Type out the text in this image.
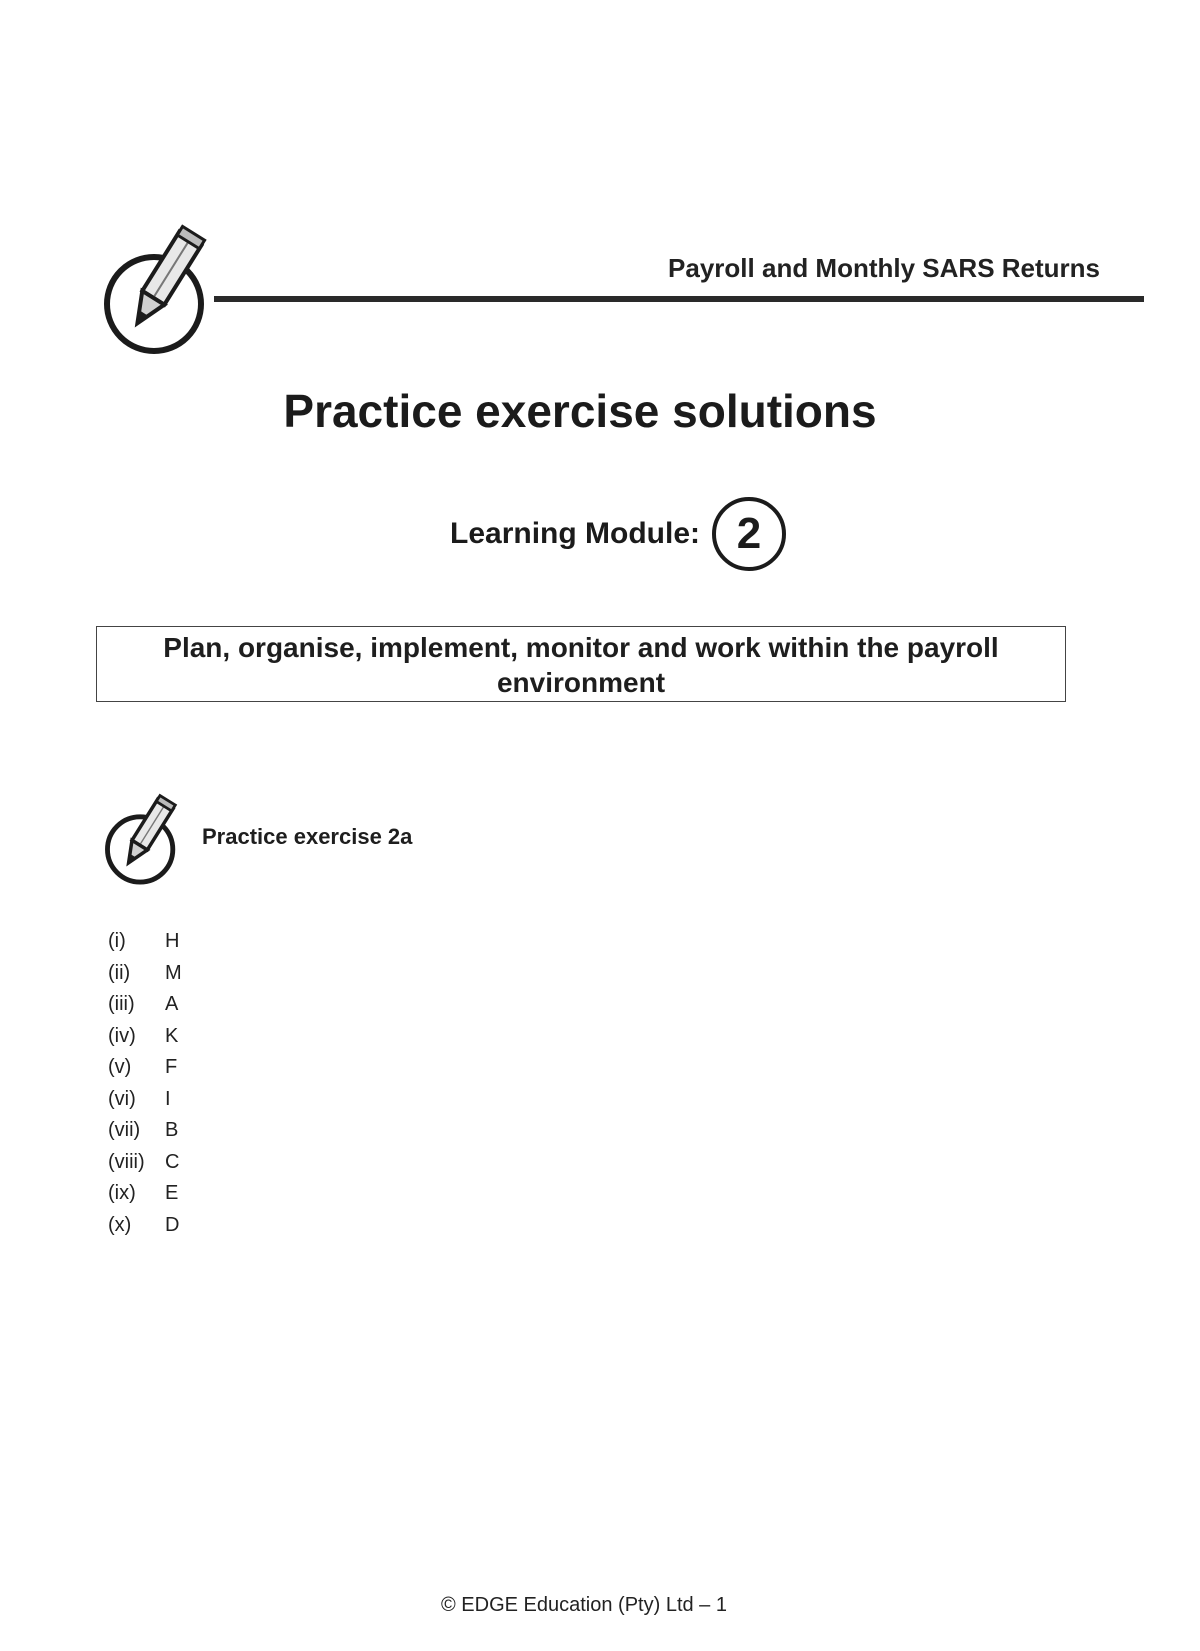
Payroll and Monthly SARS Returns
Practice exercise solutions
Learning Module: 2
Plan, organise, implement, monitor and work within the payroll
environment
Practice exercise 2a
(i)	H
(ii)	M
(iii)	A
(iv)	K
(v)	F
(vi)	I
(vii)	B
(viii)	C
(ix)	E
(x)	D
© EDGE Education (Pty) Ltd – 1
